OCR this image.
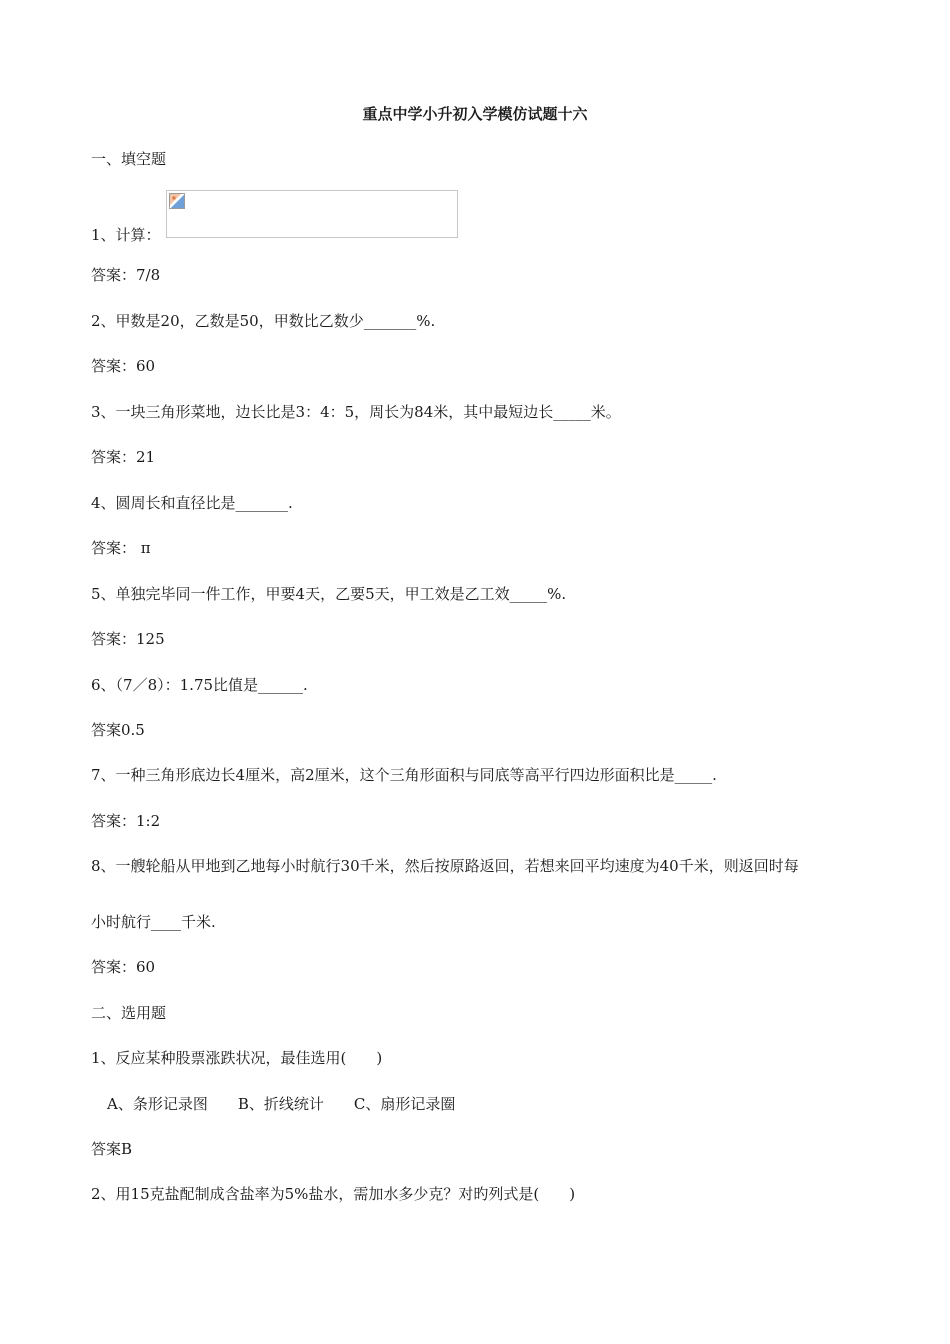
重点中学小升初入学模仿试题十六
一、填空题
1、计算：
答案：7/8
2、甲数是20，乙数是50，甲数比乙数少_______%.
答案：60
3、一块三角形菜地，边长比是3：4：5，周长为84米，其中最短边长_____米。
答案：21
4、圆周长和直径比是_______.
答案： π
5、单独完毕同一件工作，甲要4天，乙要5天，甲工效是乙工效_____%.
答案：125
6、（7／8）：1.75比值是______.
答案0.5
7、一种三角形底边长4厘米，高2厘米，这个三角形面积与同底等高平行四边形面积比是_____.
答案：1:2
8、一艘轮船从甲地到乙地每小时航行30千米，然后按原路返回，若想来回平均速度为40千米，则返回时每
小时航行____千米.
答案：60
二、选用题
1、反应某种股票涨跌状况，最佳选用(　　)
A、条形记录图　　B、折线统计　　C、扇形记录圈
答案B
2、用15克盐配制成含盐率为5%盐水，需加水多少克？对旳列式是(　　)
